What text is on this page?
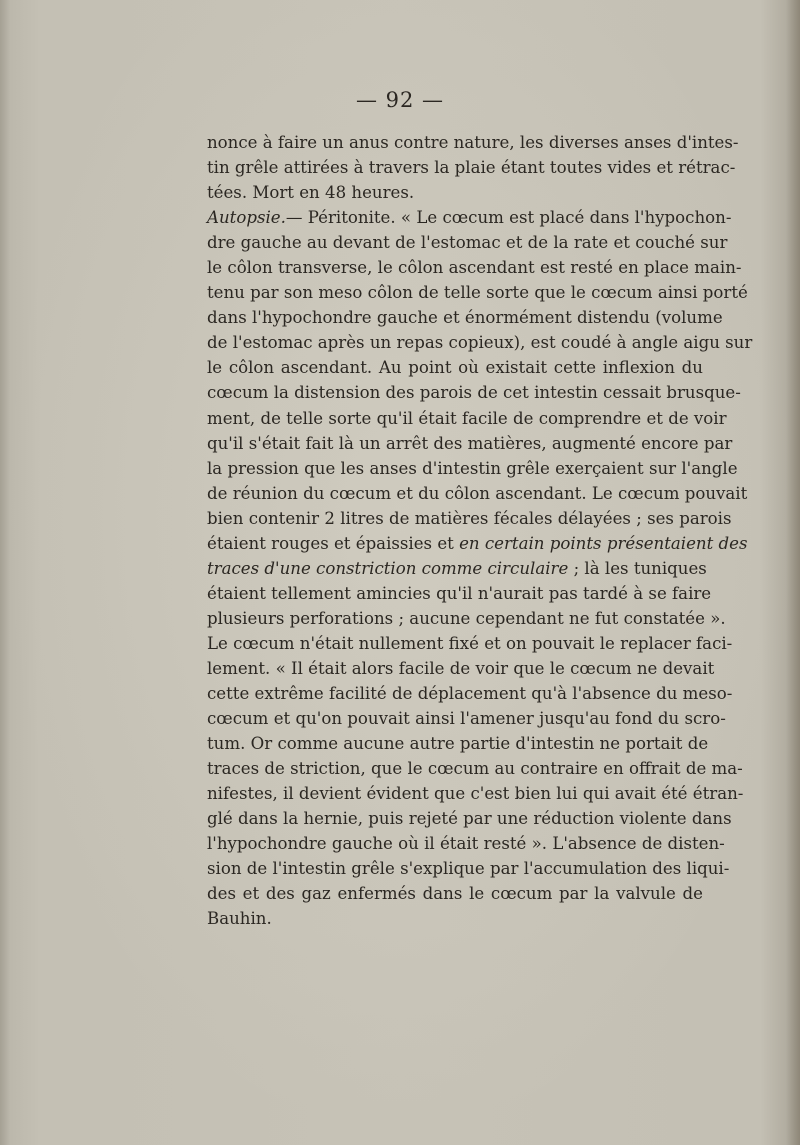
— 92 —
nonce à faire un anus contre nature, les diverses anses d'intes-
tin grêle attirées à travers la plaie étant toutes vides et rétrac-
tées. Mort en 48 heures.
Autopsie.— Péritonite. « Le cœcum est placé dans l'hypochon-
dre gauche au devant de l'estomac et de la rate et couché sur
le côlon transverse, le côlon ascendant est resté en place main-
tenu par son meso côlon de telle sorte que le cœcum ainsi porté
dans l'hypochondre gauche et énormément distendu (volume
de l'estomac après un repas copieux), est coudé à angle aigu sur
le côlon ascendant. Au point où existait cette inflexion du
cœcum la distension des parois de cet intestin cessait brusque-
ment, de telle sorte qu'il était facile de comprendre et de voir
qu'il s'était fait là un arrêt des matières, augmenté encore par
la pression que les anses d'intestin grêle exerçaient sur l'angle
de réunion du cœcum et du côlon ascendant. Le cœcum pouvait
bien contenir 2 litres de matières fécales délayées ; ses parois
étaient rouges et épaissies et en certain points présentaient des
traces d'une constriction comme circulaire ; là les tuniques
étaient tellement amincies qu'il n'aurait pas tardé à se faire
plusieurs perforations ; aucune cependant ne fut constatée ».
Le cœcum n'était nullement fixé et on pouvait le replacer faci-
lement. « Il était alors facile de voir que le cœcum ne devait
cette extrême facilité de déplacement qu'à l'absence du meso-
cœcum et qu'on pouvait ainsi l'amener jusqu'au fond du scro-
tum. Or comme aucune autre partie d'intestin ne portait de
traces de striction, que le cœcum au contraire en offrait de ma-
nifestes, il devient évident que c'est bien lui qui avait été étran-
glé dans la hernie, puis rejeté par une réduction violente dans
l'hypochondre gauche où il était resté ». L'absence de disten-
sion de l'intestin grêle s'explique par l'accumulation des liqui-
des et des gaz enfermés dans le cœcum par la valvule de
Bauhin.
